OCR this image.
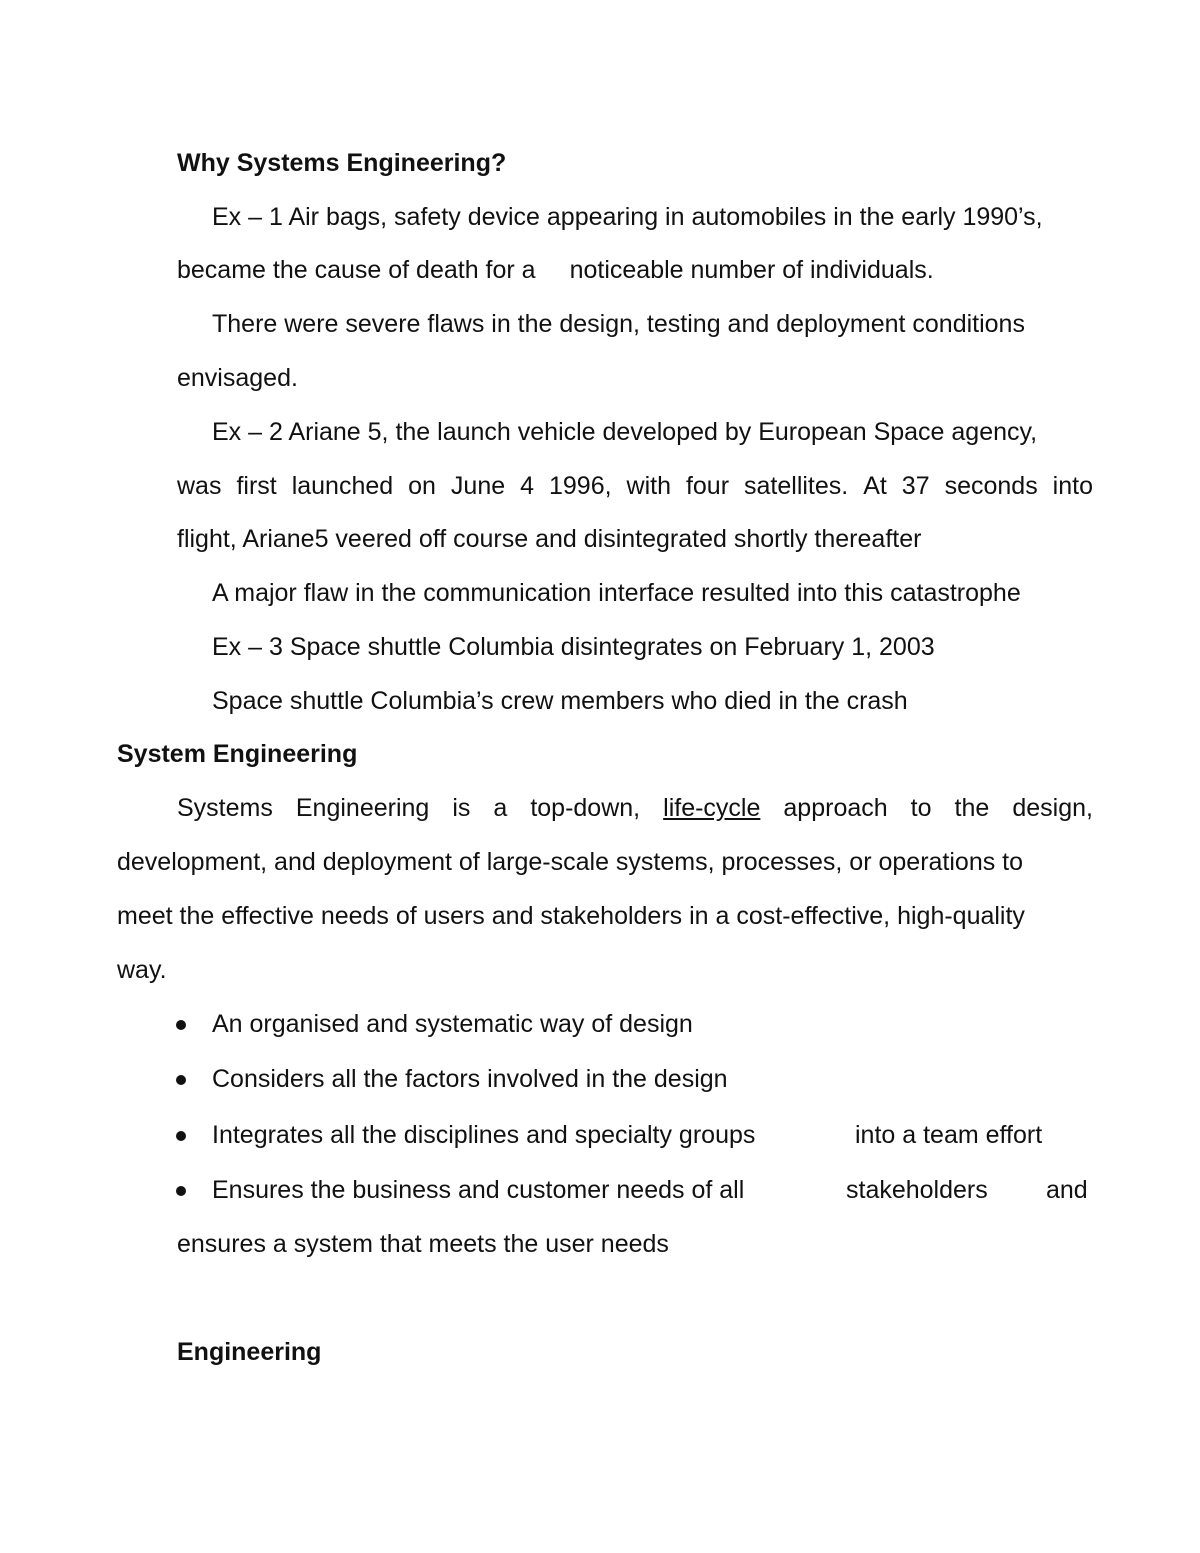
Why Systems Engineering?
Ex – 1 Air bags, safety device appearing in automobiles in the early 1990’s,
became the cause of death for a noticeable number of individuals.
There were severe flaws in the design, testing and deployment conditions
envisaged.
Ex – 2 Ariane 5, the launch vehicle developed by European Space agency,
was first launched on June 4 1996, with four satellites. At 37 seconds into
flight, Ariane5 veered off course and disintegrated shortly thereafter
A major flaw in the communication interface resulted into this catastrophe
Ex – 3 Space shuttle Columbia disintegrates on February 1, 2003
Space shuttle Columbia’s crew members who died in the crash
System Engineering
Systems Engineering is a top-down, life-cycle approach to the design,
development, and deployment of large-scale systems, processes, or operations to
meet the effective needs of users and stakeholders in a cost-effective, high-quality
way.
An organised and systematic way of design
Considers all the factors involved in the design
Integrates all the disciplines and specialty groups	into a team effort
Ensures the business and customer needs of all	stakeholders and
ensures a system that meets the user needs
Engineering
